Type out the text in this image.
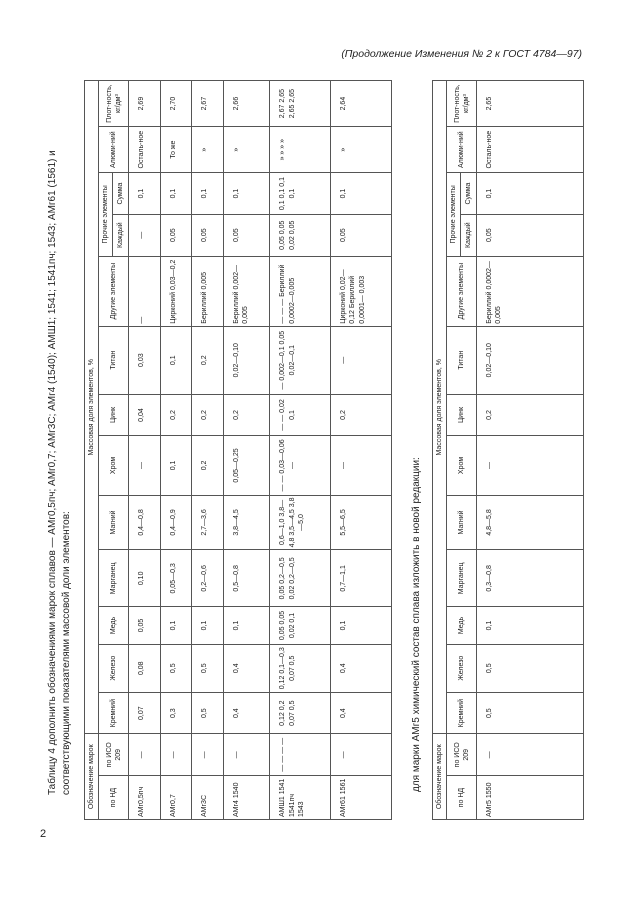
(Продолжение Изменения № 2 к ГОСТ 4784—97)
Таблицу 4 дополнить обозначениями марок сплавов — АМг0,5пч; АМг0,7; АМг3С; АМг4 (1540); АМШ1; 1541; 1541пч; 1543; АМг61 (1561) и соответствующими показателями массовой доли элементов: Обозначение марок		Массовая доля элементов, %												
по НД	по ИСО 209	Кремний	Железо	Медь	Марганец	Магний	Хром	Цинк	Титан	Другие элементы	Прочие элементы		Алюми-ний	Плот-ность, кг/дм³
											Каждый	Сумма		
АМг0,5пч	—	0,07	0,08	0,05	0,10	0,4—0,8	—	0,04	0,03	—	—	0,1	Осталь-ное	2,69
АМг0,7	—	0,3	0,5	0,1	0,05—0,3	0,4—0,9	0,1	0,2	0,1	Цирконий 0,03—0,2	0,05	0,1	То же	2,70
АМг3С	—	0,5	0,5	0,1	0,2—0,6	2,7—3,6	0,2	0,2	0,2	Бериллий 0,005	0,05	0,1	»	2,67
АМг4 1540	—	0,4	0,4	0,1	0,5—0,8	3,8—4,5	0,05—0,25	0,2	0,02—0,10	Бериллий 0,002—0,005	0,05	0,1	»	2,66
АМШ1 1541 1541пч 1543	— — — —	0,12 0,2 0,07 0,5	0,12 0,1—0,3 0,07 0,5	0,05 0,05 0,02 0,1	0,05 0,2—0,5 0,02 0,2—0,5	0,6—1,0 3,8—4,8 3,5—4,5 3,8—5,0	— — 0,03—0,06 —	— — 0,02 0,1	— 0,002—0,1 0,05 0,02—0,1	— — — Бериллий 0,0002—0,005	0,05 0,05 0,02 0,05	0,1 0,1 0,1 0,1	» » » »	2,67 2,65 2,65 2,65
АМг61 1561	—	0,4	0,4	0,1	0,7—1,1	5,5—6,5	—	0,2	—	Цирконий 0,02—0,12 Бериллий 0,0001— 0,003	0,05	0,1	»	2,64
для марки АМг5 химический состав сплава изложить в новой редакции: Обозначение марок		Массовая доля элементов, %												
по НД	по ИСО 209	Кремний	Железо	Медь	Марганец	Магний	Хром	Цинк	Титан	Другие элементы	Прочие элементы		Алюми-ний	Плот-ность, кг/дм³
											Каждый	Сумма		
АМг5 1550	—	0,5	0,5	0,1	0,3—0,8	4,8—5,8	—	0,2	0,02—0,10	Бериллий 0,0002— 0,005	0,05	0,1	Осталь-ное	2,65
2
